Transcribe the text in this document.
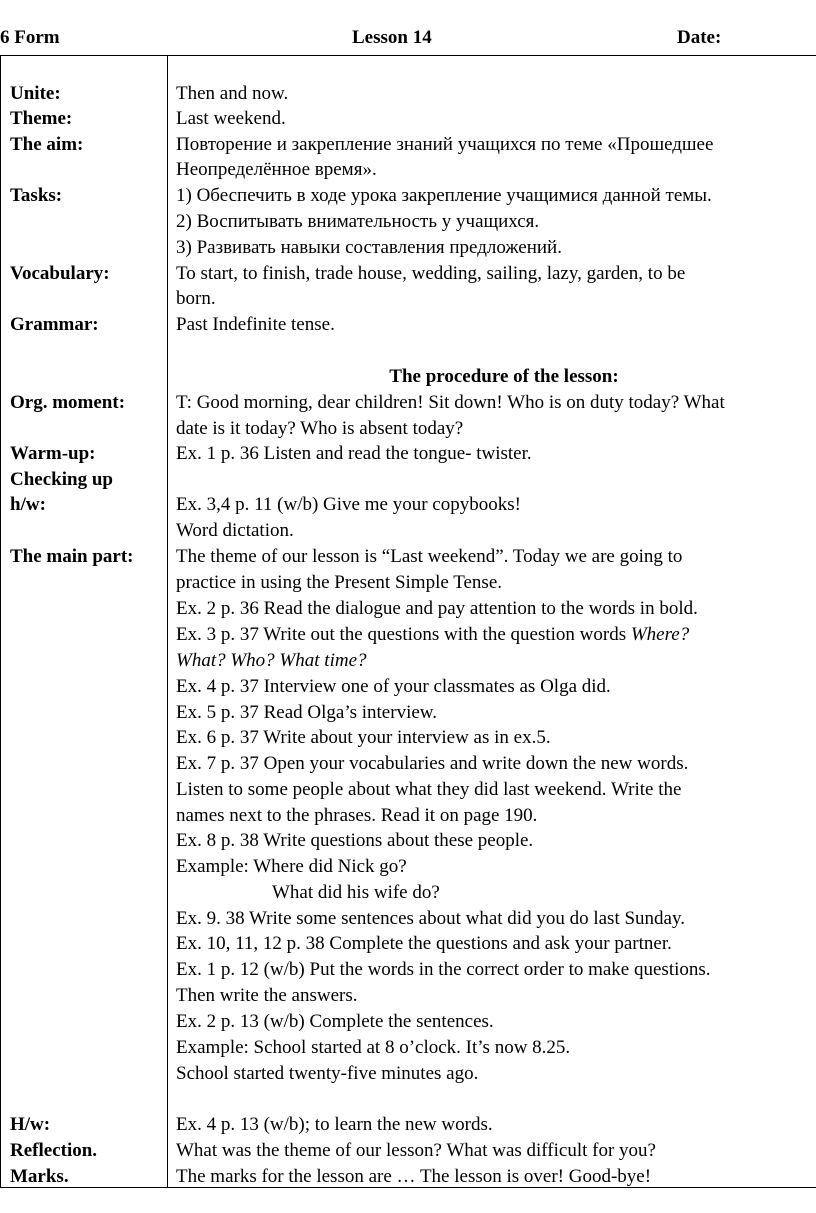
6 Form	Lesson 14	Date:
Unite:
Theme:
The aim:
Tasks:
Vocabulary:
Grammar:
Org. moment:
Warm-up:
Checking up
h/w:
The main part:
H/w:
Reflection.
Marks.
Then and now.
Last weekend.
Повторение и закрепление знаний учащихся по теме «Прошедшее
Неопределённое время».
1) Обеспечить в ходе урока закрепление учащимися данной темы.
2) Воспитывать внимательность у учащихся.
3) Развивать навыки составления предложений.
To start, to finish, trade house, wedding, sailing, lazy, garden, to be
born.
Past Indefinite tense.
The procedure of the lesson:
T: Good morning, dear children! Sit down! Who is on duty today? What
date is it today? Who is absent today?
Ex. 1 p. 36 Listen and read the tongue- twister.
Ex. 3,4 p. 11 (w/b) Give me your copybooks!
Word dictation.
The theme of our lesson is “Last weekend”. Today we are going to
practice in using the Present Simple Tense.
Ex. 2 p. 36 Read the dialogue and pay attention to the words in bold.
Ex. 3 p. 37 Write out the questions with the question words Where?
What? Who? What time?
Ex. 4 p. 37 Interview one of your classmates as Olga did.
Ex. 5 p. 37 Read Olga’s interview.
Ex. 6 p. 37 Write about your interview as in ex.5.
Ex. 7 p. 37 Open your vocabularies and write down the new words.
Listen to some people about what they did last weekend. Write the
names next to the phrases. Read it on page 190.
Ex. 8 p. 38 Write questions about these people.
Example: Where did Nick go?
What did his wife do?
Ex. 9. 38 Write some sentences about what did you do last Sunday.
Ex. 10, 11, 12 p. 38 Complete the questions and ask your partner.
Ex. 1 p. 12 (w/b) Put the words in the correct order to make questions.
Then write the answers.
Ex. 2 p. 13 (w/b) Complete the sentences.
Example: School started at 8 o’clock. It’s now 8.25.
School started twenty-five minutes ago.
Ex. 4 p. 13 (w/b); to learn the new words.
What was the theme of our lesson? What was difficult for you?
The marks for the lesson are … The lesson is over! Good-bye!
